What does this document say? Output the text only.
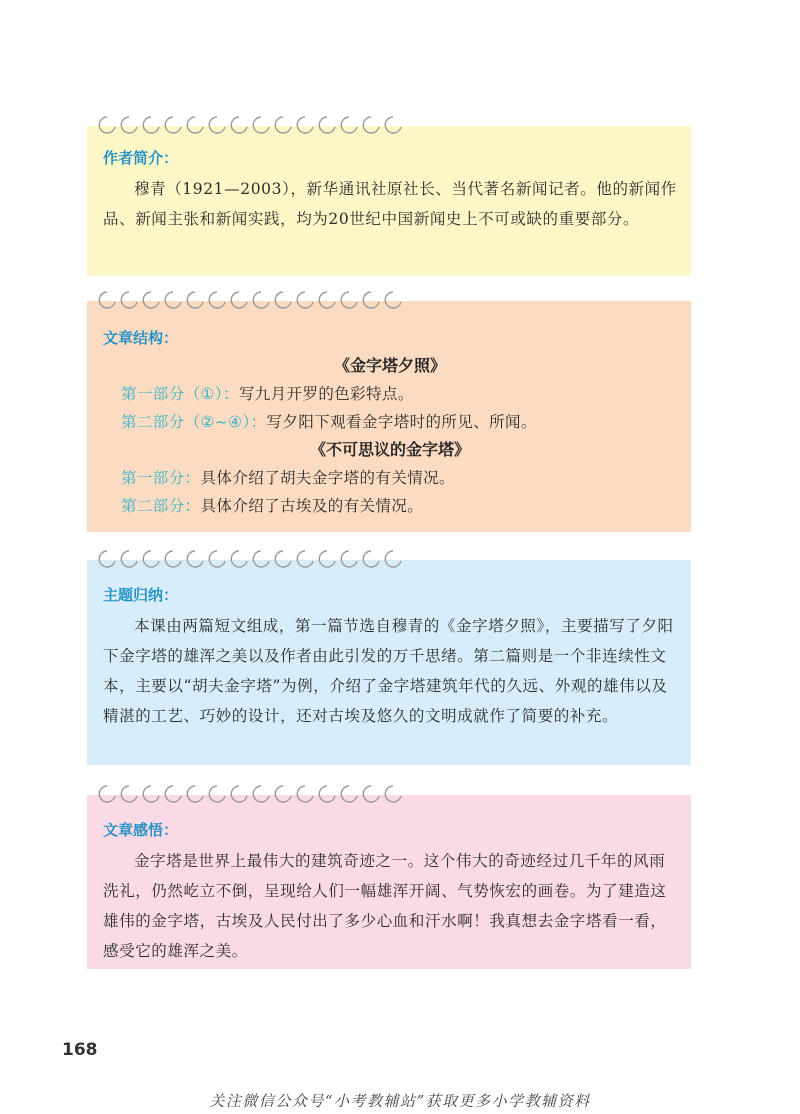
作者简介：

穆青（1921—2003），新华通讯社原社长、当代著名新闻记者。他的新闻作品、新闻主张和新闻实践，均为20世纪中国新闻史上不可或缺的重要部分。

文章结构：

《金字塔夕照》

第一部分（①）：写九月开罗的色彩特点。

第二部分（②~④）：写夕阳下观看金字塔时的所见、所闻。

《不可思议的金字塔》

第一部分：具体介绍了胡夫金字塔的有关情况。

第二部分：具体介绍了古埃及的有关情况。

主题归纳：

本课由两篇短文组成，第一篇节选自穆青的《金字塔夕照》，主要描写了夕阳下金字塔的雄浑之美以及作者由此引发的万千思绪。第二篇则是一个非连续性文本，主要以“胡夫金字塔”为例，介绍了金字塔建筑年代的久远、外观的雄伟以及精湛的工艺、巧妙的设计，还对古埃及悠久的文明成就作了简要的补充。

文章感悟：

金字塔是世界上最伟大的建筑奇迹之一。这个伟大的奇迹经过几千年的风雨洗礼，仍然屹立不倒，呈现给人们一幅雄浑开阔、气势恢宏的画卷。为了建造这雄伟的金字塔，古埃及人民付出了多少心血和汗水啊！我真想去金字塔看一看，感受它的雄浑之美。

168
关注微信公众号“小考教辅站”获取更多小学教辅资料
